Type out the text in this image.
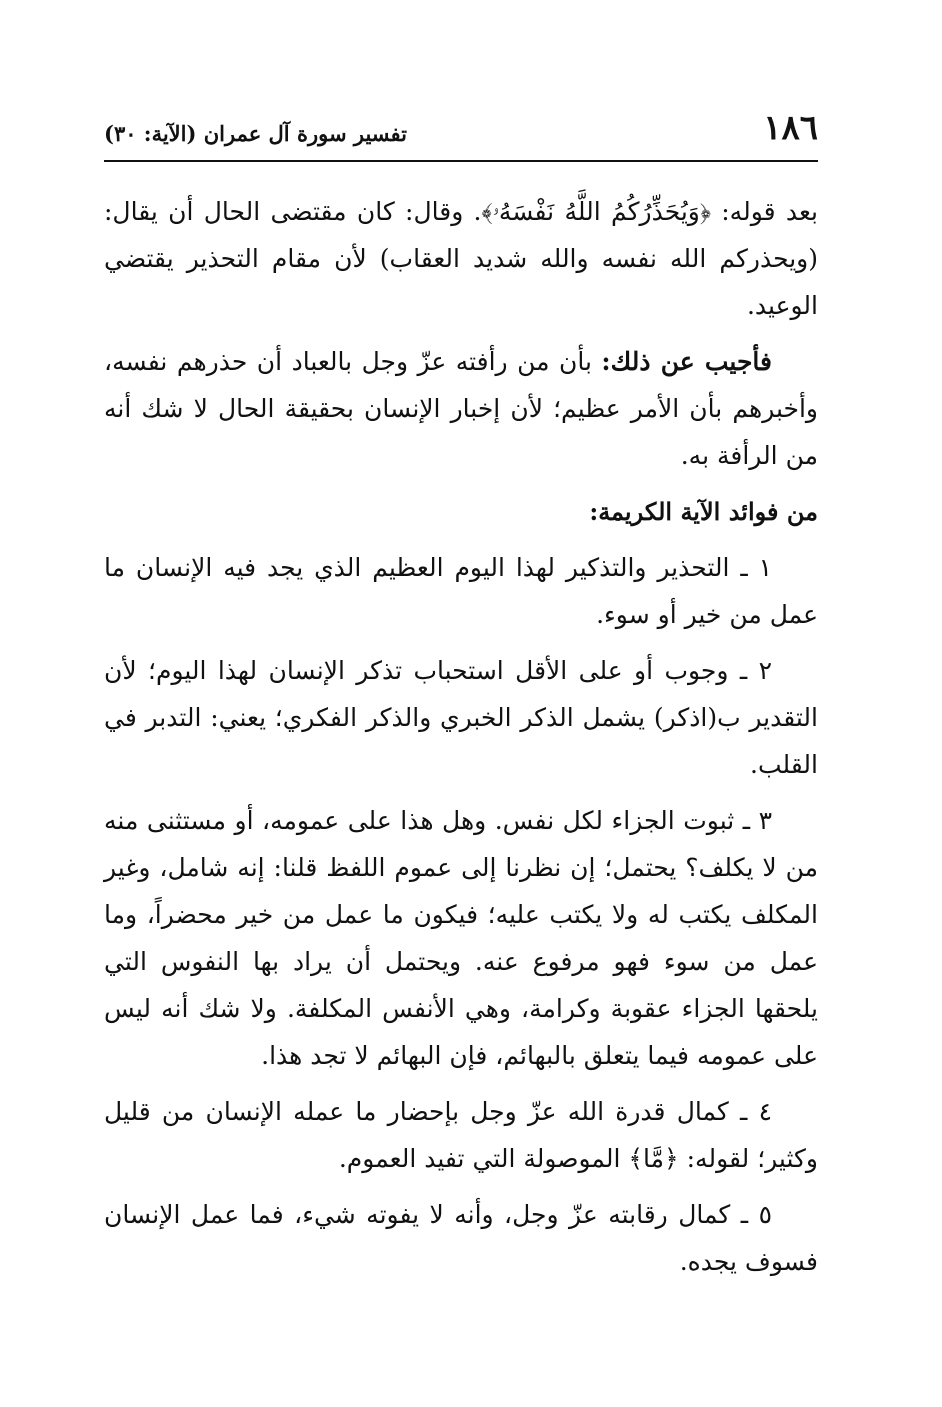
١٨٦
تفسير سورة آل عمران (الآية: ٣٠)

بعد قوله: ﴿وَيُحَذِّرُكُمُ اللَّهُ نَفْسَهُۥ﴾. وقال: كان مقتضى الحال أن يقال: (ويحذركم الله نفسه والله شديد العقاب) لأن مقام التحذير يقتضي الوعيد.

فأجيب عن ذلك: بأن من رأفته عزّ وجل بالعباد أن حذرهم نفسه، وأخبرهم بأن الأمر عظيم؛ لأن إخبار الإنسان بحقيقة الحال لا شك أنه من الرأفة به.

من فوائد الآية الكريمة:

١ ـ التحذير والتذكير لهذا اليوم العظيم الذي يجد فيه الإنسان ما عمل من خير أو سوء.

٢ ـ وجوب أو على الأقل استحباب تذكر الإنسان لهذا اليوم؛ لأن التقدير ب(اذكر) يشمل الذكر الخبري والذكر الفكري؛ يعني: التدبر في القلب.

٣ ـ ثبوت الجزاء لكل نفس. وهل هذا على عمومه، أو مستثنى منه من لا يكلف؟ يحتمل؛ إن نظرنا إلى عموم اللفظ قلنا: إنه شامل، وغير المكلف يكتب له ولا يكتب عليه؛ فيكون ما عمل من خير محضراً، وما عمل من سوء فهو مرفوع عنه. ويحتمل أن يراد بها النفوس التي يلحقها الجزاء عقوبة وكرامة، وهي الأنفس المكلفة. ولا شك أنه ليس على عمومه فيما يتعلق بالبهائم، فإن البهائم لا تجد هذا.

٤ ـ كمال قدرة الله عزّ وجل بإحضار ما عمله الإنسان من قليل وكثير؛ لقوله: ﴿مَّا﴾ الموصولة التي تفيد العموم.

٥ ـ كمال رقابته عزّ وجل، وأنه لا يفوته شيء، فما عمل الإنسان فسوف يجده.
